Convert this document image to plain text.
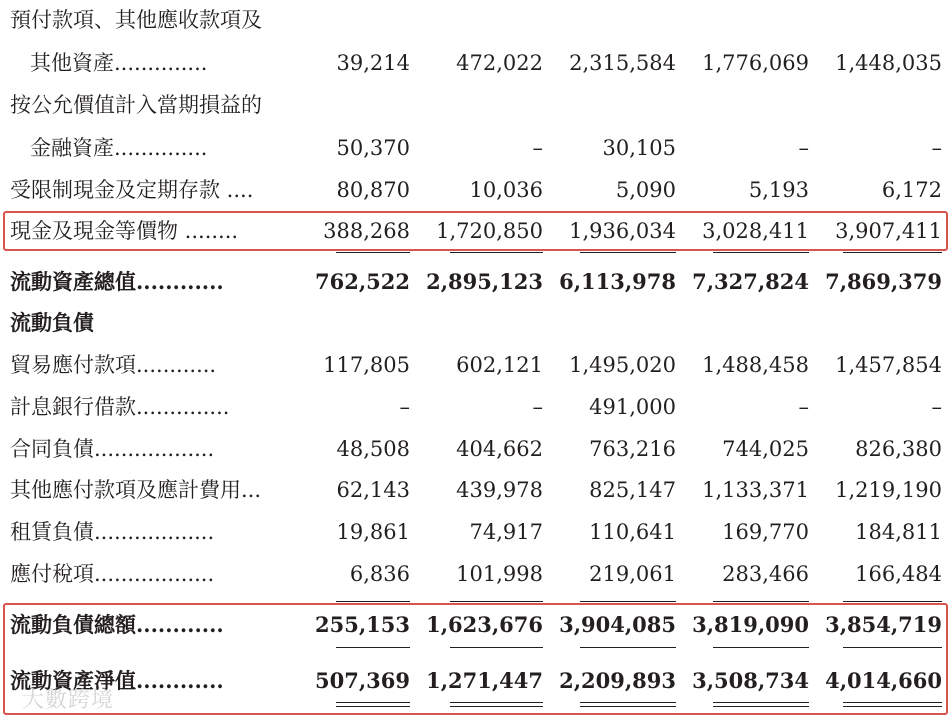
預付款項、其他應收款項及
其他資產..............	39,214	472,022	2,315,584	1,776,069	1,448,035
按公允價值計入當期損益的
金融資產..............	50,370	–	30,105	–	–
受限制現金及定期存款 ....	80,870	10,036	5,090	5,193	6,172
現金及現金等價物 ........	388,268	1,720,850	1,936,034	3,028,411	3,907,411
流動資產總值............	762,522 2,895,123 6,113,978 7,327,824 7,869,379
流動負債
貿易應付款項............	117,805	602,121	1,495,020	1,488,458	1,457,854
計息銀行借款..............	–	–	491,000	–	–
合同負債..................	48,508	404,662	763,216	744,025	826,380
其他應付款項及應計費用...	62,143	439,978	825,147	1,133,371	1,219,190
租賃負債..................	19,861	74,917	110,641	169,770	184,811
應付稅項..................	6,836	101,998	219,061	283,466	166,484
流動負債總額............	255,153 1,623,676 3,904,085 3,819,090 3,854,719
流動資產淨值............	507,369 1,271,447 2,209,893 3,508,734 4,014,660
大數跨境
